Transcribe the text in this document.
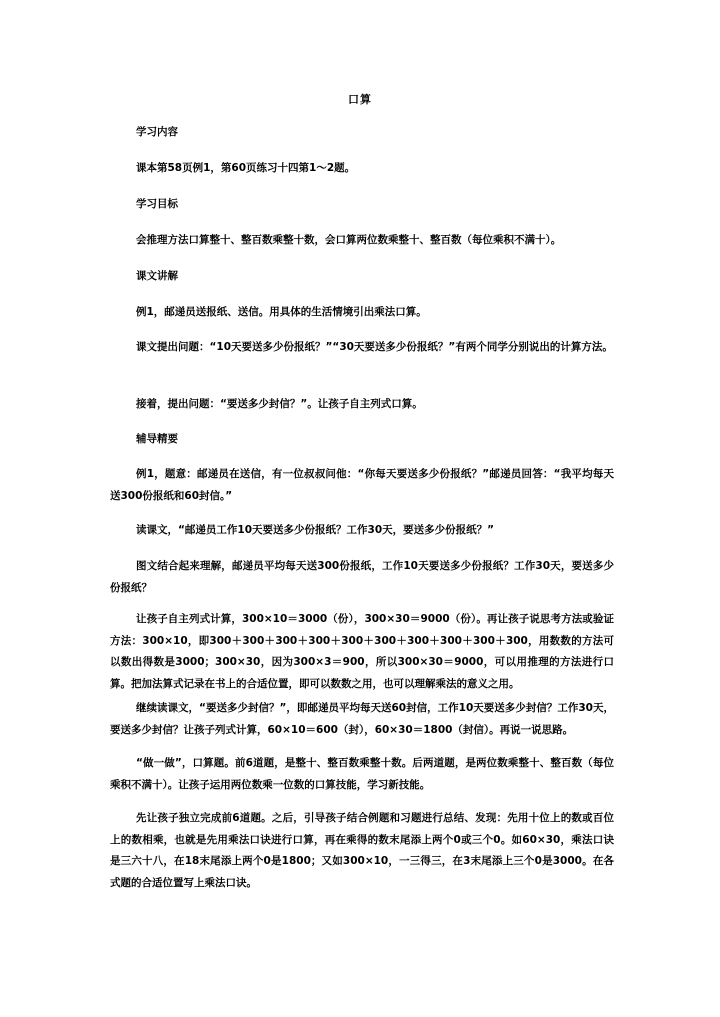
口算
学习内容
课本第58页例1，第60页练习十四第1～2题。
学习目标
会推理方法口算整十、整百数乘整十数，会口算两位数乘整十、整百数（每位乘积不满十）。
课文讲解
例1，邮递员送报纸、送信。用具体的生活情境引出乘法口算。
课文提出问题：“10天要送多少份报纸？”“30天要送多少份报纸？”有两个同学分别说出的计算方法。
接着，提出问题：“要送多少封信？”。让孩子自主列式口算。
辅导精要
例1，题意：邮递员在送信，有一位叔叔问他：“你每天要送多少份报纸？”邮递员回答：“我平均每天送300份报纸和60封信。”
读课文，“邮递员工作10天要送多少份报纸？工作30天，要送多少份报纸？”
图文结合起来理解，邮递员平均每天送300份报纸，工作10天要送多少份报纸？工作30天，要送多少份报纸？
让孩子自主列式计算，300×10＝3000（份），300×30＝9000（份）。再让孩子说思考方法或验证方法：300×10，即300＋300＋300＋300＋300＋300＋300＋300＋300＋300，用数数的方法可以数出得数是3000；300×30，因为300×3＝900，所以300×30＝9000，可以用推理的方法进行口算。把加法算式记录在书上的合适位置，即可以数数之用，也可以理解乘法的意义之用。
继续读课文，“要送多少封信？”，即邮递员平均每天送60封信，工作10天要送多少封信？工作30天，要送多少封信？让孩子列式计算，60×10＝600（封），60×30＝1800（封信）。再说一说思路。
“做一做”，口算题。前6道题，是整十、整百数乘整十数。后两道题，是两位数乘整十、整百数（每位乘积不满十）。让孩子运用两位数乘一位数的口算技能，学习新技能。
先让孩子独立完成前6道题。之后，引导孩子结合例题和习题进行总结、发现：先用十位上的数或百位上的数相乘，也就是先用乘法口诀进行口算，再在乘得的数末尾添上两个0或三个0。如60×30，乘法口诀是三六十八，在18末尾添上两个0是1800；又如300×10，一三得三，在3末尾添上三个0是3000。在各式题的合适位置写上乘法口诀。
